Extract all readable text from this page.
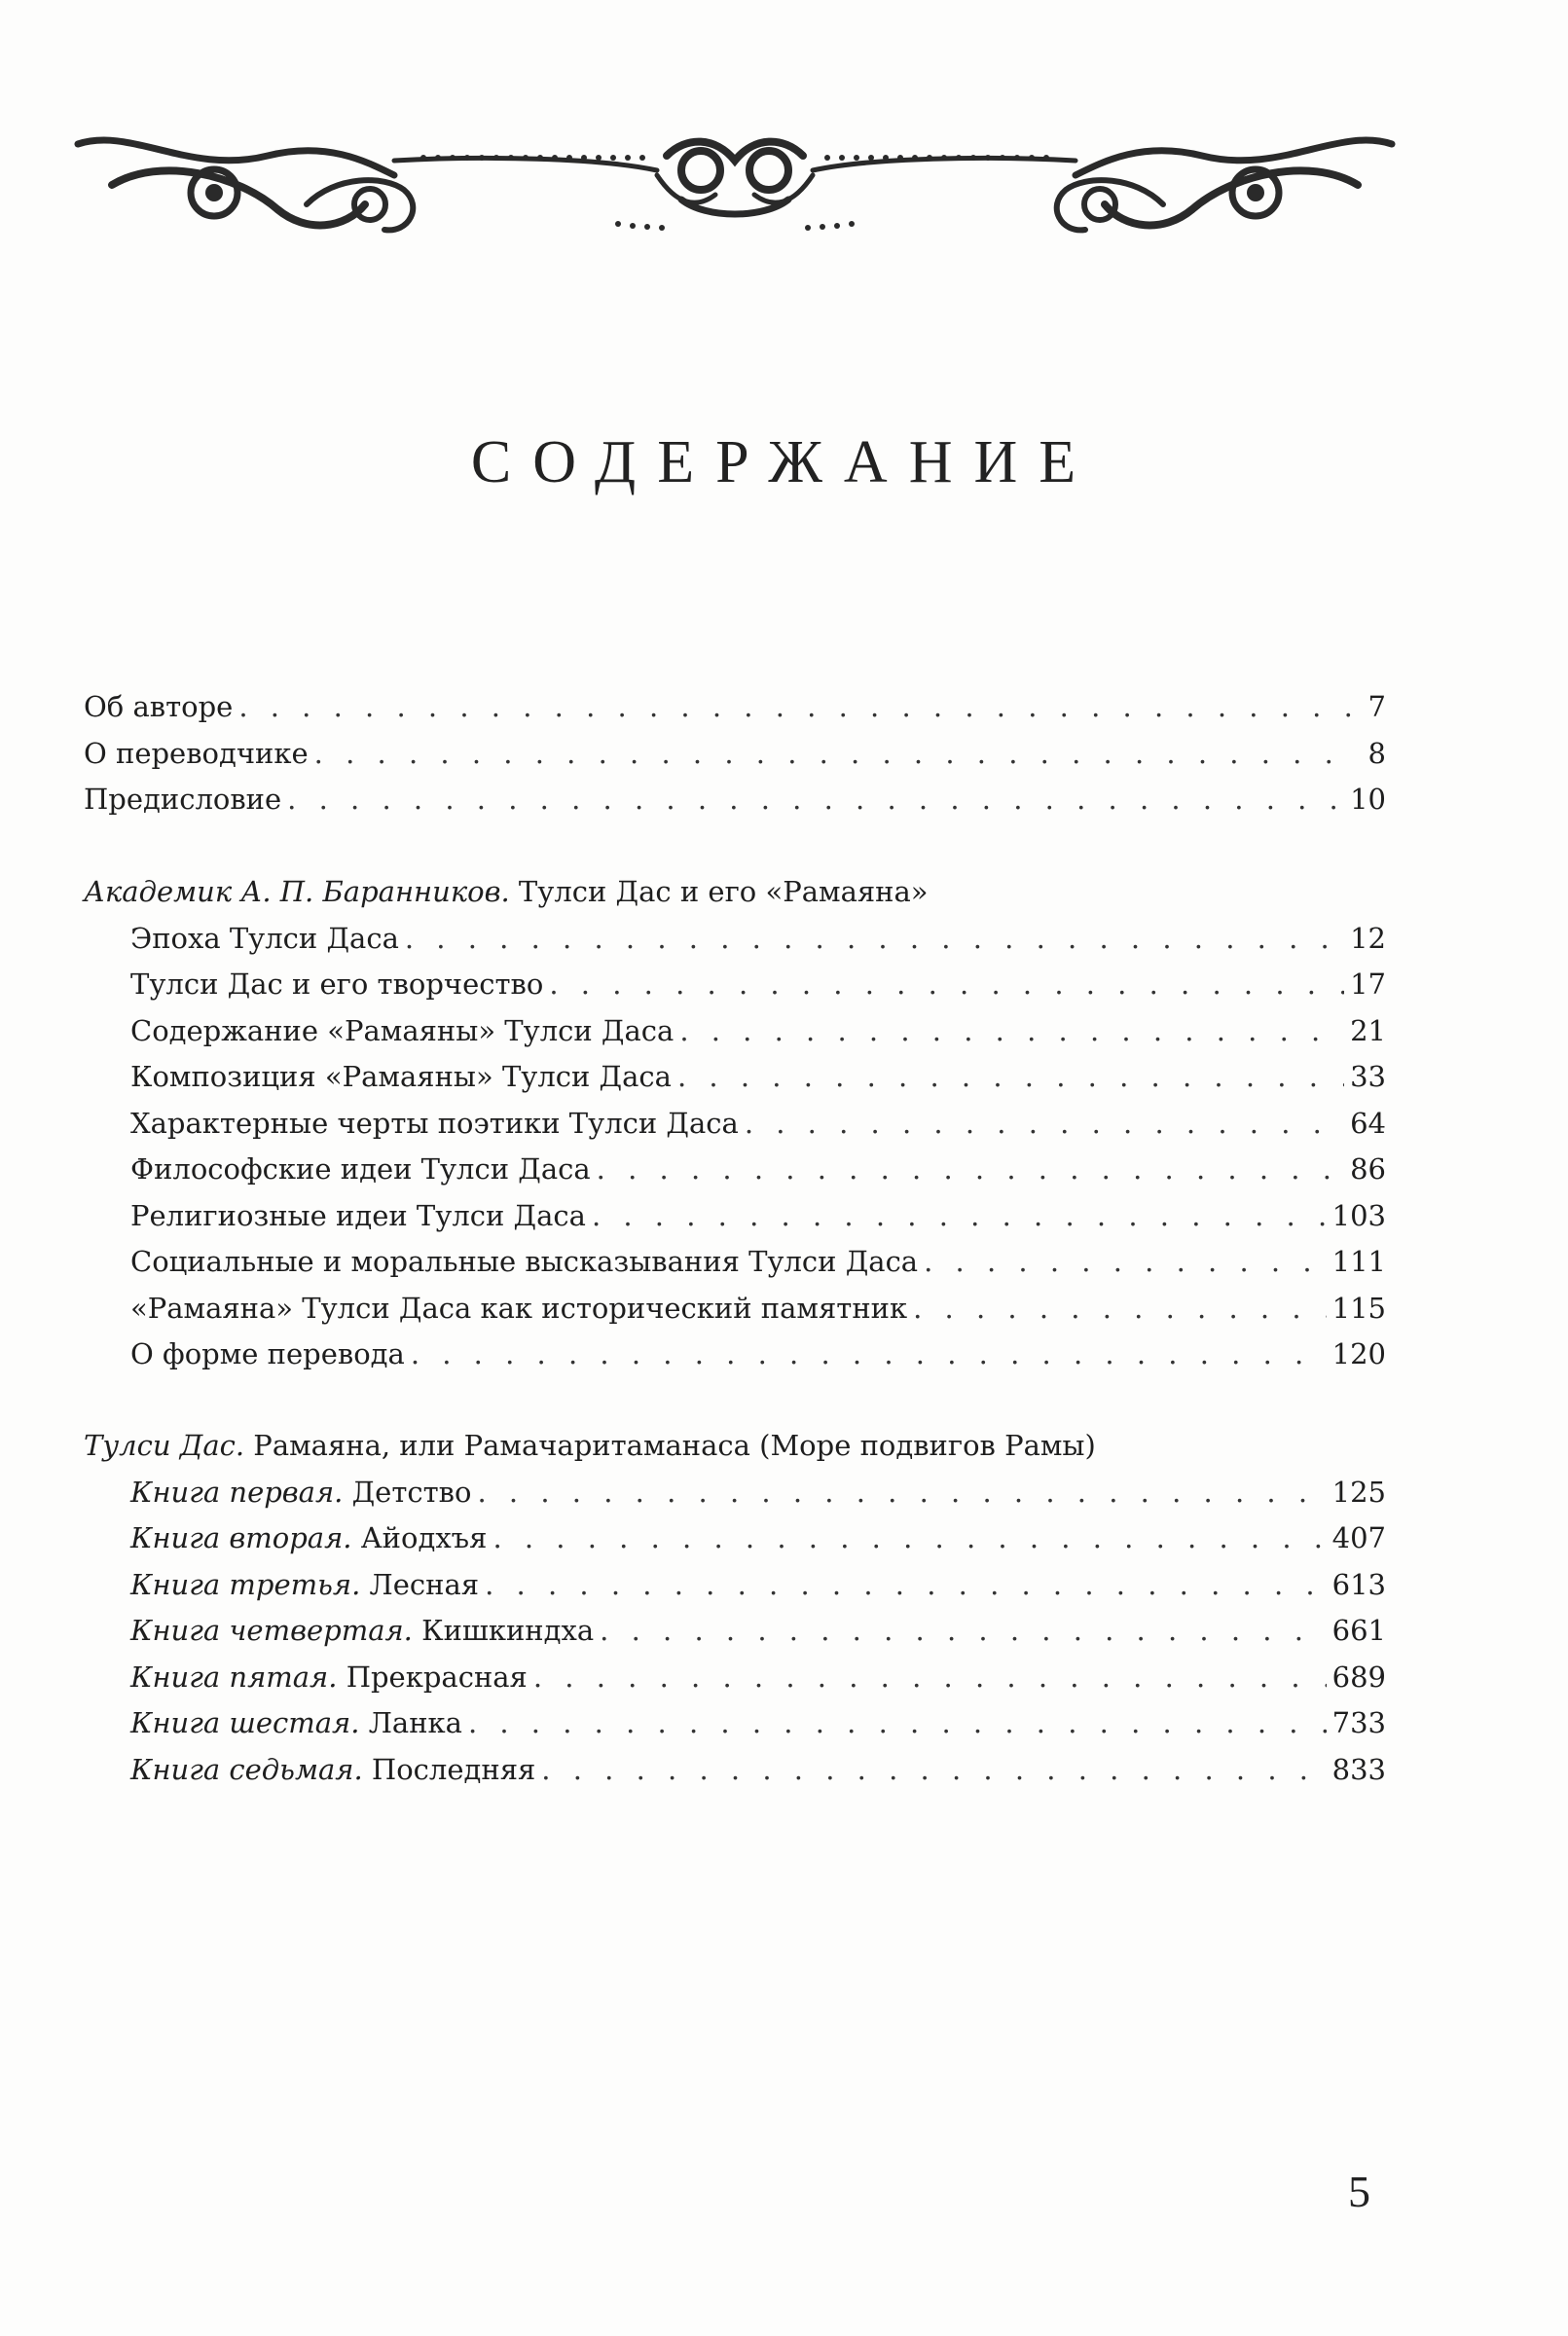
СОДЕРЖАНИЕ
Об авторе . . .	7
О переводчике . . .	8
Предисловие . . .	10
Академик А. П. Баранников. Тулси Дас и его «Рамаяна»
Эпоха Тулси Даса . . .	12
Тулси Дас и его творчество . . .	17
Содержание «Рамаяны» Тулси Даса . . .	21
Композиция «Рамаяны» Тулси Даса . . .	33
Характерные черты поэтики Тулси Даса . . .	64
Философские идеи Тулси Даса . . .	86
Религиозные идеи Тулси Даса . . .	103
Социальные и моральные высказывания Тулси Даса . . .	111
«Рамаяна» Тулси Даса как исторический памятник . . .	115
О форме перевода . . .	120
Тулси Дас. Рамаяна, или Рамачаритаманаса (Море подвигов Рамы)
Книга первая. Детство . . .	125
Книга вторая. Айодхъя . . .	407
Книга третья. Лесная . . .	613
Книга четвертая. Кишкиндха . . .	661
Книга пятая. Прекрасная . . .	689
Книга шестая. Ланка . . .	733
Книга седьмая. Последняя . . .	833
5
